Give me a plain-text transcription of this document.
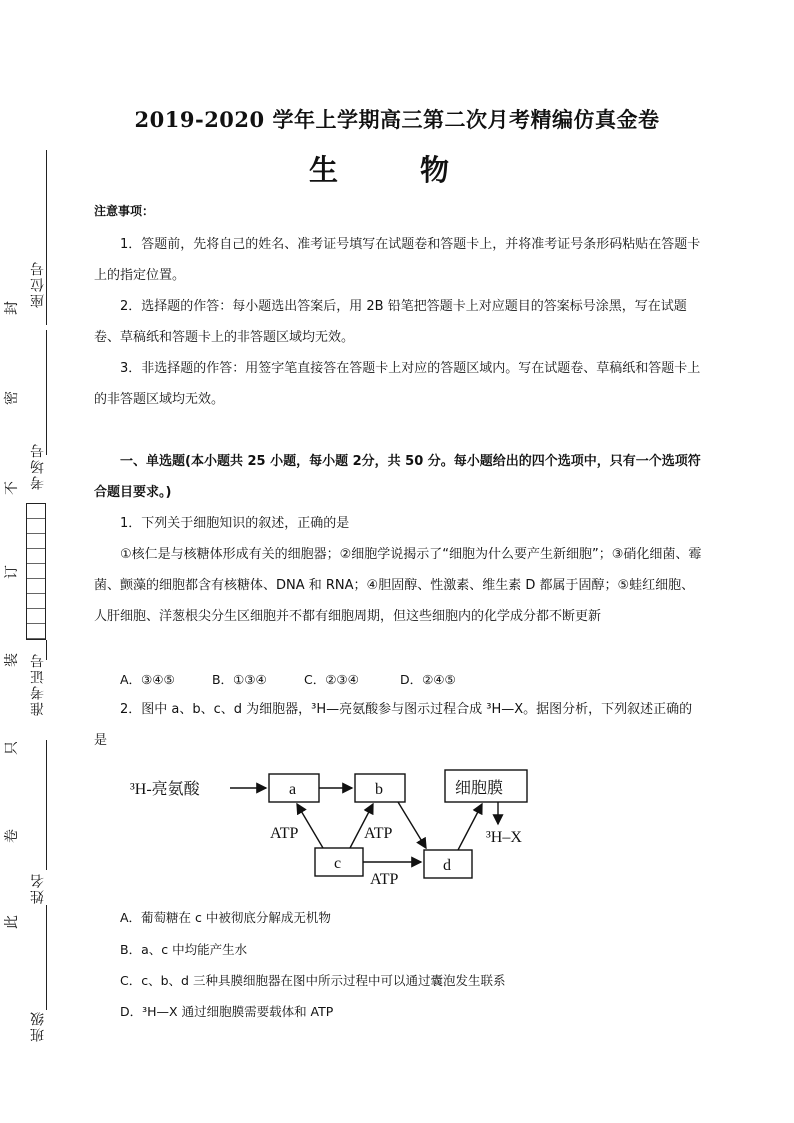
座位号
考场号
准考证号
姓名
班级
封
密
不
订
装
只
卷
此
2019-2020 学年上学期高三第二次月考精编仿真金卷
生 物
注意事项：

1．答题前，先将自己的姓名、准考证号填写在试题卷和答题卡上，并将准考证号条形码粘贴在答题卡上的指定位置。

2．选择题的作答：每小题选出答案后，用 2B 铅笔把答题卡上对应题目的答案标号涂黑，写在试题卷、草稿纸和答题卡上的非答题区域均无效。

3．非选择题的作答：用签字笔直接答在答题卡上对应的答题区域内。写在试题卷、草稿纸和答题卡上的非答题区域均无效。

一、单选题(本小题共 25 小题，每小题 2分，共 50 分。每小题给出的四个选项中，只有一个选项符合题目要求。)

1．下列关于细胞知识的叙述，正确的是

①核仁是与核糖体形成有关的细胞器；②细胞学说揭示了“细胞为什么要产生新细胞”；③硝化细菌、霉菌、颤藻的细胞都含有核糖体、DNA 和 RNA；④胆固醇、性激素、维生素 D 都属于固醇；⑤蛙红细胞、人肝细胞、洋葱根尖分生区细胞并不都有细胞周期，但这些细胞内的化学成分都不断更新

A．③④⑤	B．①③④	C．②③④	D．②④⑤

2．图中 a、b、c、d 为细胞器，³H—亮氨酸参与图示过程合成 ³H—X。据图分析，下列叙述正确的是

³H-亮氨酸	a	b	细胞膜
³H–X
c	d
ATP	ATP
ATP
A．葡萄糖在 c 中被彻底分解成无机物
B．a、c 中均能产生水
C．c、b、d 三种具膜细胞器在图中所示过程中可以通过囊泡发生联系
D．³H—X 通过细胞膜需要载体和 ATP
